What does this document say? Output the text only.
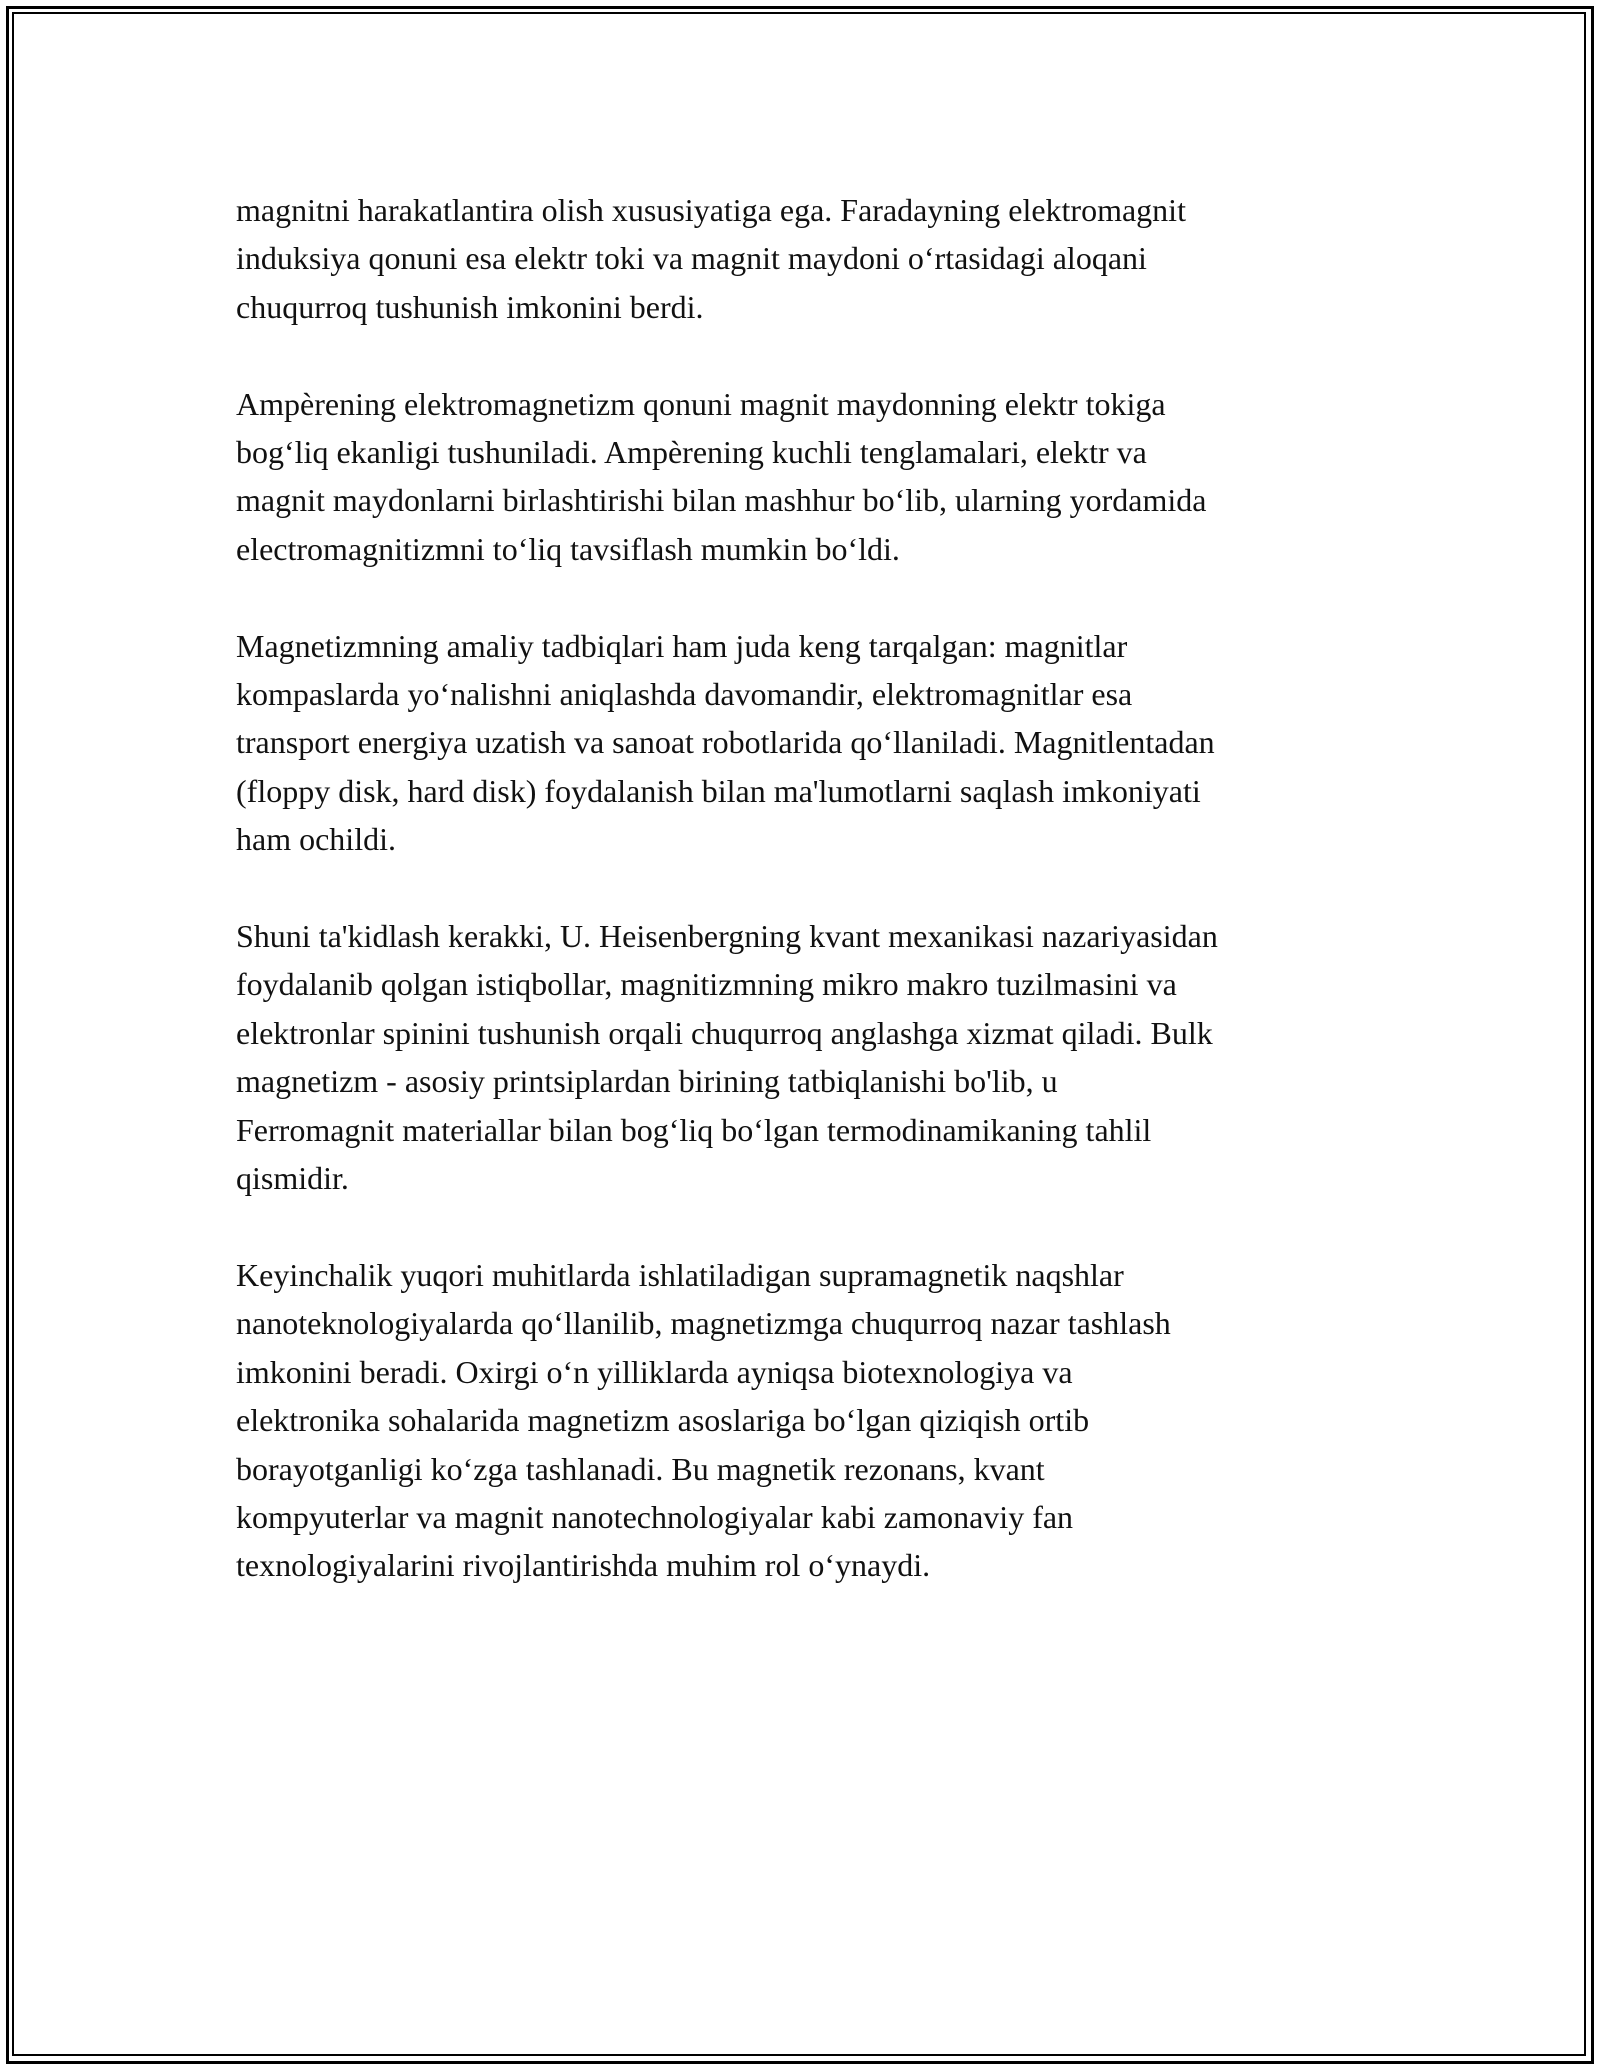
magnitni harakatlantira olish xususiyatiga ega. Faradayning elektromagnit
induksiya qonuni esa elektr toki va magnit maydoni o‘rtasidagi aloqani
chuqurroq tushunish imkonini berdi.
Ampèrening elektromagnetizm qonuni magnit maydonning elektr tokiga
bog‘liq ekanligi tushuniladi. Ampèrening kuchli tenglamalari, elektr va
magnit maydonlarni birlashtirishi bilan mashhur bo‘lib, ularning yordamida
electromagnitizmni to‘liq tavsiflash mumkin bo‘ldi.
Magnetizmning amaliy tadbiqlari ham juda keng tarqalgan: magnitlar
kompaslarda yo‘nalishni aniqlashda davomandir, elektromagnitlar esa
transport energiya uzatish va sanoat robotlarida qo‘llaniladi. Magnitlentadan
(floppy disk, hard disk) foydalanish bilan ma'lumotlarni saqlash imkoniyati
ham ochildi.
Shuni ta'kidlash kerakki, U. Heisenbergning kvant mexanikasi nazariyasidan
foydalanib qolgan istiqbollar, magnitizmning mikro makro tuzilmasini va
elektronlar spinini tushunish orqali chuqurroq anglashga xizmat qiladi. Bulk
magnetizm - asosiy printsiplardan birining tatbiqlanishi bo'lib, u
Ferromagnit materiallar bilan bog‘liq bo‘lgan termodinamikaning tahlil
qismidir.
Keyinchalik yuqori muhitlarda ishlatiladigan supramagnetik naqshlar
nanoteknologiyalarda qo‘llanilib, magnetizmga chuqurroq nazar tashlash
imkonini beradi. Oxirgi o‘n yilliklarda ayniqsa biotexnologiya va
elektronika sohalarida magnetizm asoslariga bo‘lgan qiziqish ortib
borayotganligi ko‘zga tashlanadi. Bu magnetik rezonans, kvant
kompyuterlar va magnit nanotechnologiyalar kabi zamonaviy fan
texnologiyalarini rivojlantirishda muhim rol o‘ynaydi.
